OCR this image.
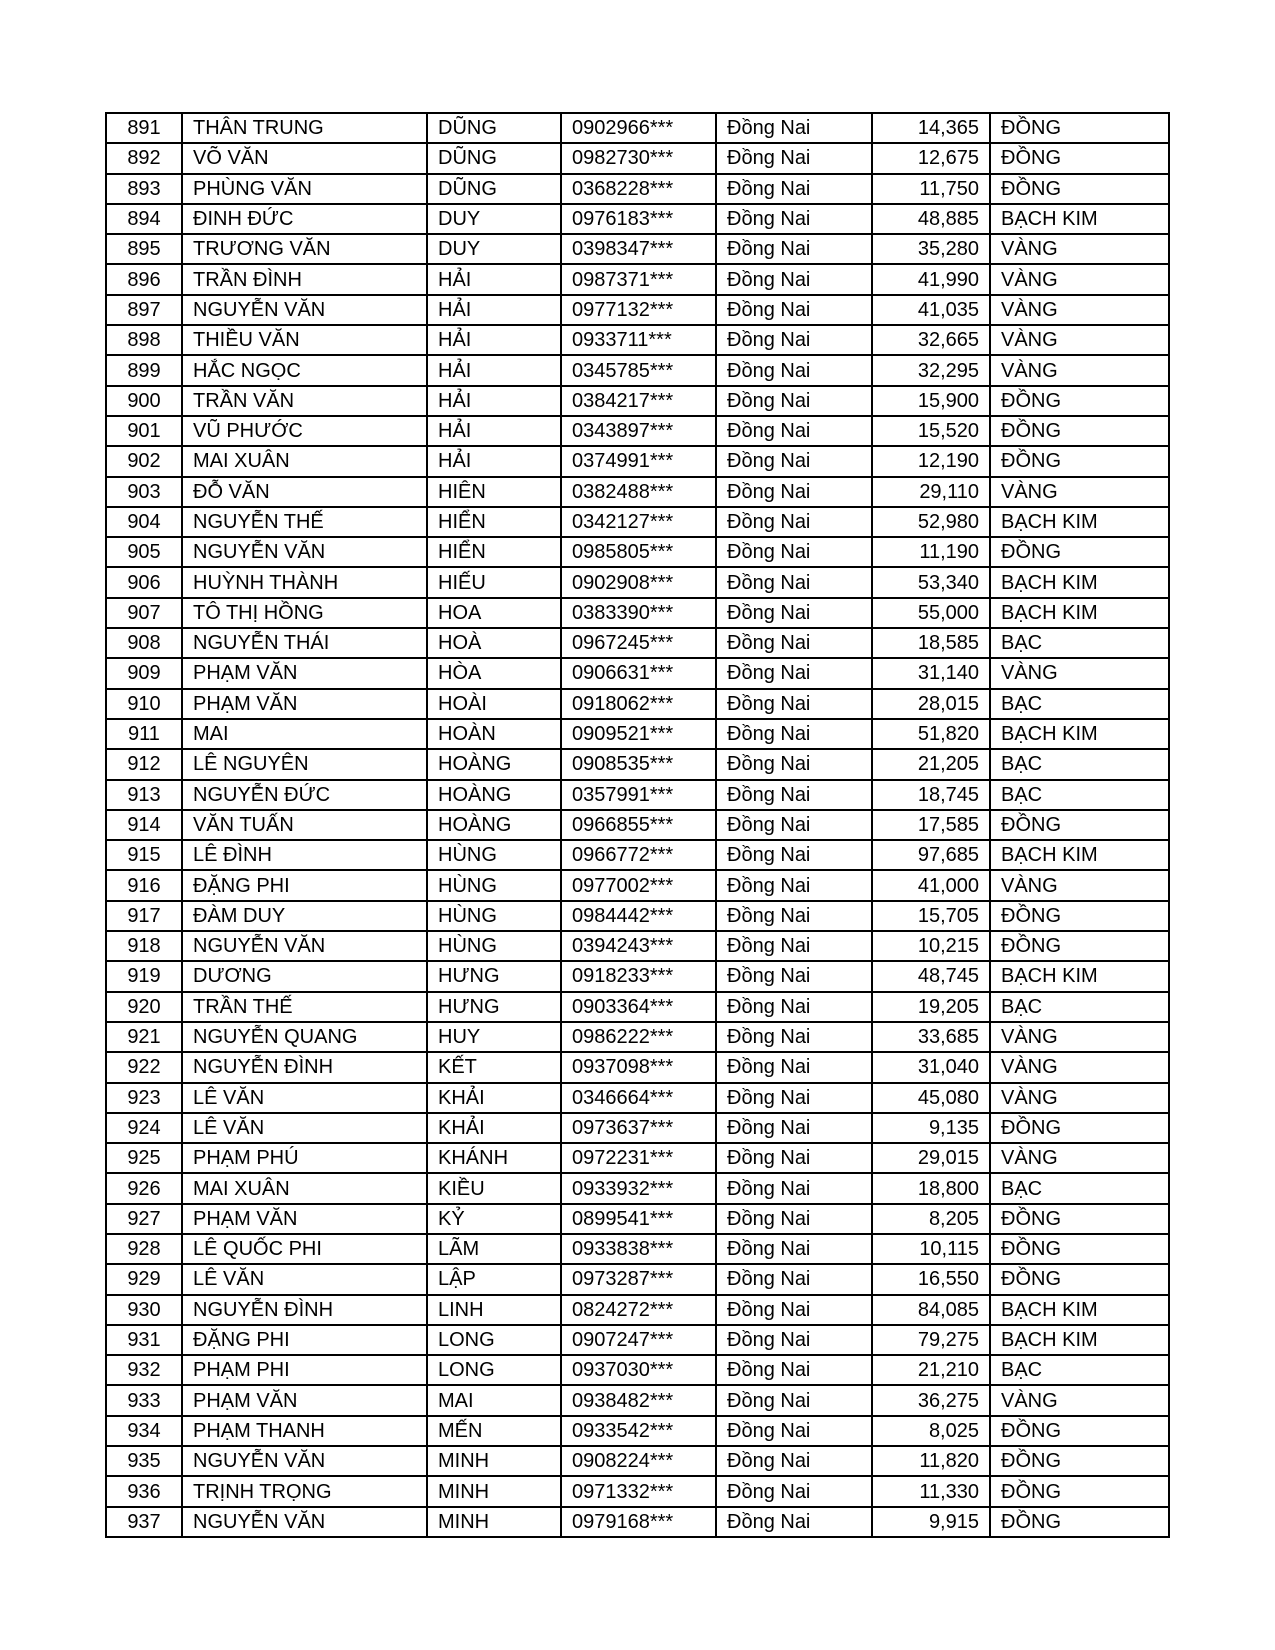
891	THÂN TRUNG	DŨNG	0902966***	Đồng Nai	14,365	ĐỒNG
892	VÕ VĂN	DŨNG	0982730***	Đồng Nai	12,675	ĐỒNG
893	PHÙNG VĂN	DŨNG	0368228***	Đồng Nai	11,750	ĐỒNG
894	ĐINH ĐỨC	DUY	0976183***	Đồng Nai	48,885	BẠCH KIM
895	TRƯƠNG VĂN	DUY	0398347***	Đồng Nai	35,280	VÀNG
896	TRẦN ĐÌNH	HẢI	0987371***	Đồng Nai	41,990	VÀNG
897	NGUYỄN VĂN	HẢI	0977132***	Đồng Nai	41,035	VÀNG
898	THIỀU VĂN	HẢI	0933711***	Đồng Nai	32,665	VÀNG
899	HẮC NGỌC	HẢI	0345785***	Đồng Nai	32,295	VÀNG
900	TRẦN VĂN	HẢI	0384217***	Đồng Nai	15,900	ĐỒNG
901	VŨ PHƯỚC	HẢI	0343897***	Đồng Nai	15,520	ĐỒNG
902	MAI XUÂN	HẢI	0374991***	Đồng Nai	12,190	ĐỒNG
903	ĐỖ VĂN	HIÊN	0382488***	Đồng Nai	29,110	VÀNG
904	NGUYỄN THẾ	HIỂN	0342127***	Đồng Nai	52,980	BẠCH KIM
905	NGUYỄN VĂN	HIỂN	0985805***	Đồng Nai	11,190	ĐỒNG
906	HUỲNH THÀNH	HIẾU	0902908***	Đồng Nai	53,340	BẠCH KIM
907	TÔ THỊ HỒNG	HOA	0383390***	Đồng Nai	55,000	BẠCH KIM
908	NGUYỄN THÁI	HOÀ	0967245***	Đồng Nai	18,585	BẠC
909	PHẠM VĂN	HÒA	0906631***	Đồng Nai	31,140	VÀNG
910	PHẠM VĂN	HOÀI	0918062***	Đồng Nai	28,015	BẠC
911	MAI	HOÀN	0909521***	Đồng Nai	51,820	BẠCH KIM
912	LÊ NGUYÊN	HOÀNG	0908535***	Đồng Nai	21,205	BẠC
913	NGUYỄN ĐỨC	HOÀNG	0357991***	Đồng Nai	18,745	BẠC
914	VĂN TUẤN	HOÀNG	0966855***	Đồng Nai	17,585	ĐỒNG
915	LÊ ĐÌNH	HÙNG	0966772***	Đồng Nai	97,685	BẠCH KIM
916	ĐẶNG PHI	HÙNG	0977002***	Đồng Nai	41,000	VÀNG
917	ĐÀM DUY	HÙNG	0984442***	Đồng Nai	15,705	ĐỒNG
918	NGUYỄN VĂN	HÙNG	0394243***	Đồng Nai	10,215	ĐỒNG
919	DƯƠNG	HƯNG	0918233***	Đồng Nai	48,745	BẠCH KIM
920	TRẦN THẾ	HƯNG	0903364***	Đồng Nai	19,205	BẠC
921	NGUYỄN QUANG	HUY	0986222***	Đồng Nai	33,685	VÀNG
922	NGUYỄN ĐÌNH	KẾT	0937098***	Đồng Nai	31,040	VÀNG
923	LÊ VĂN	KHẢI	0346664***	Đồng Nai	45,080	VÀNG
924	LÊ VĂN	KHẢI	0973637***	Đồng Nai	9,135	ĐỒNG
925	PHẠM PHÚ	KHÁNH	0972231***	Đồng Nai	29,015	VÀNG
926	MAI XUÂN	KIỀU	0933932***	Đồng Nai	18,800	BẠC
927	PHẠM VĂN	KỶ	0899541***	Đồng Nai	8,205	ĐỒNG
928	LÊ QUỐC PHI	LÃM	0933838***	Đồng Nai	10,115	ĐỒNG
929	LÊ VĂN	LẬP	0973287***	Đồng Nai	16,550	ĐỒNG
930	NGUYỄN ĐÌNH	LINH	0824272***	Đồng Nai	84,085	BẠCH KIM
931	ĐẶNG PHI	LONG	0907247***	Đồng Nai	79,275	BẠCH KIM
932	PHẠM PHI	LONG	0937030***	Đồng Nai	21,210	BẠC
933	PHẠM VĂN	MAI	0938482***	Đồng Nai	36,275	VÀNG
934	PHẠM THANH	MẾN	0933542***	Đồng Nai	8,025	ĐỒNG
935	NGUYỄN VĂN	MINH	0908224***	Đồng Nai	11,820	ĐỒNG
936	TRỊNH TRỌNG	MINH	0971332***	Đồng Nai	11,330	ĐỒNG
937	NGUYỄN VĂN	MINH	0979168***	Đồng Nai	9,915	ĐỒNG
